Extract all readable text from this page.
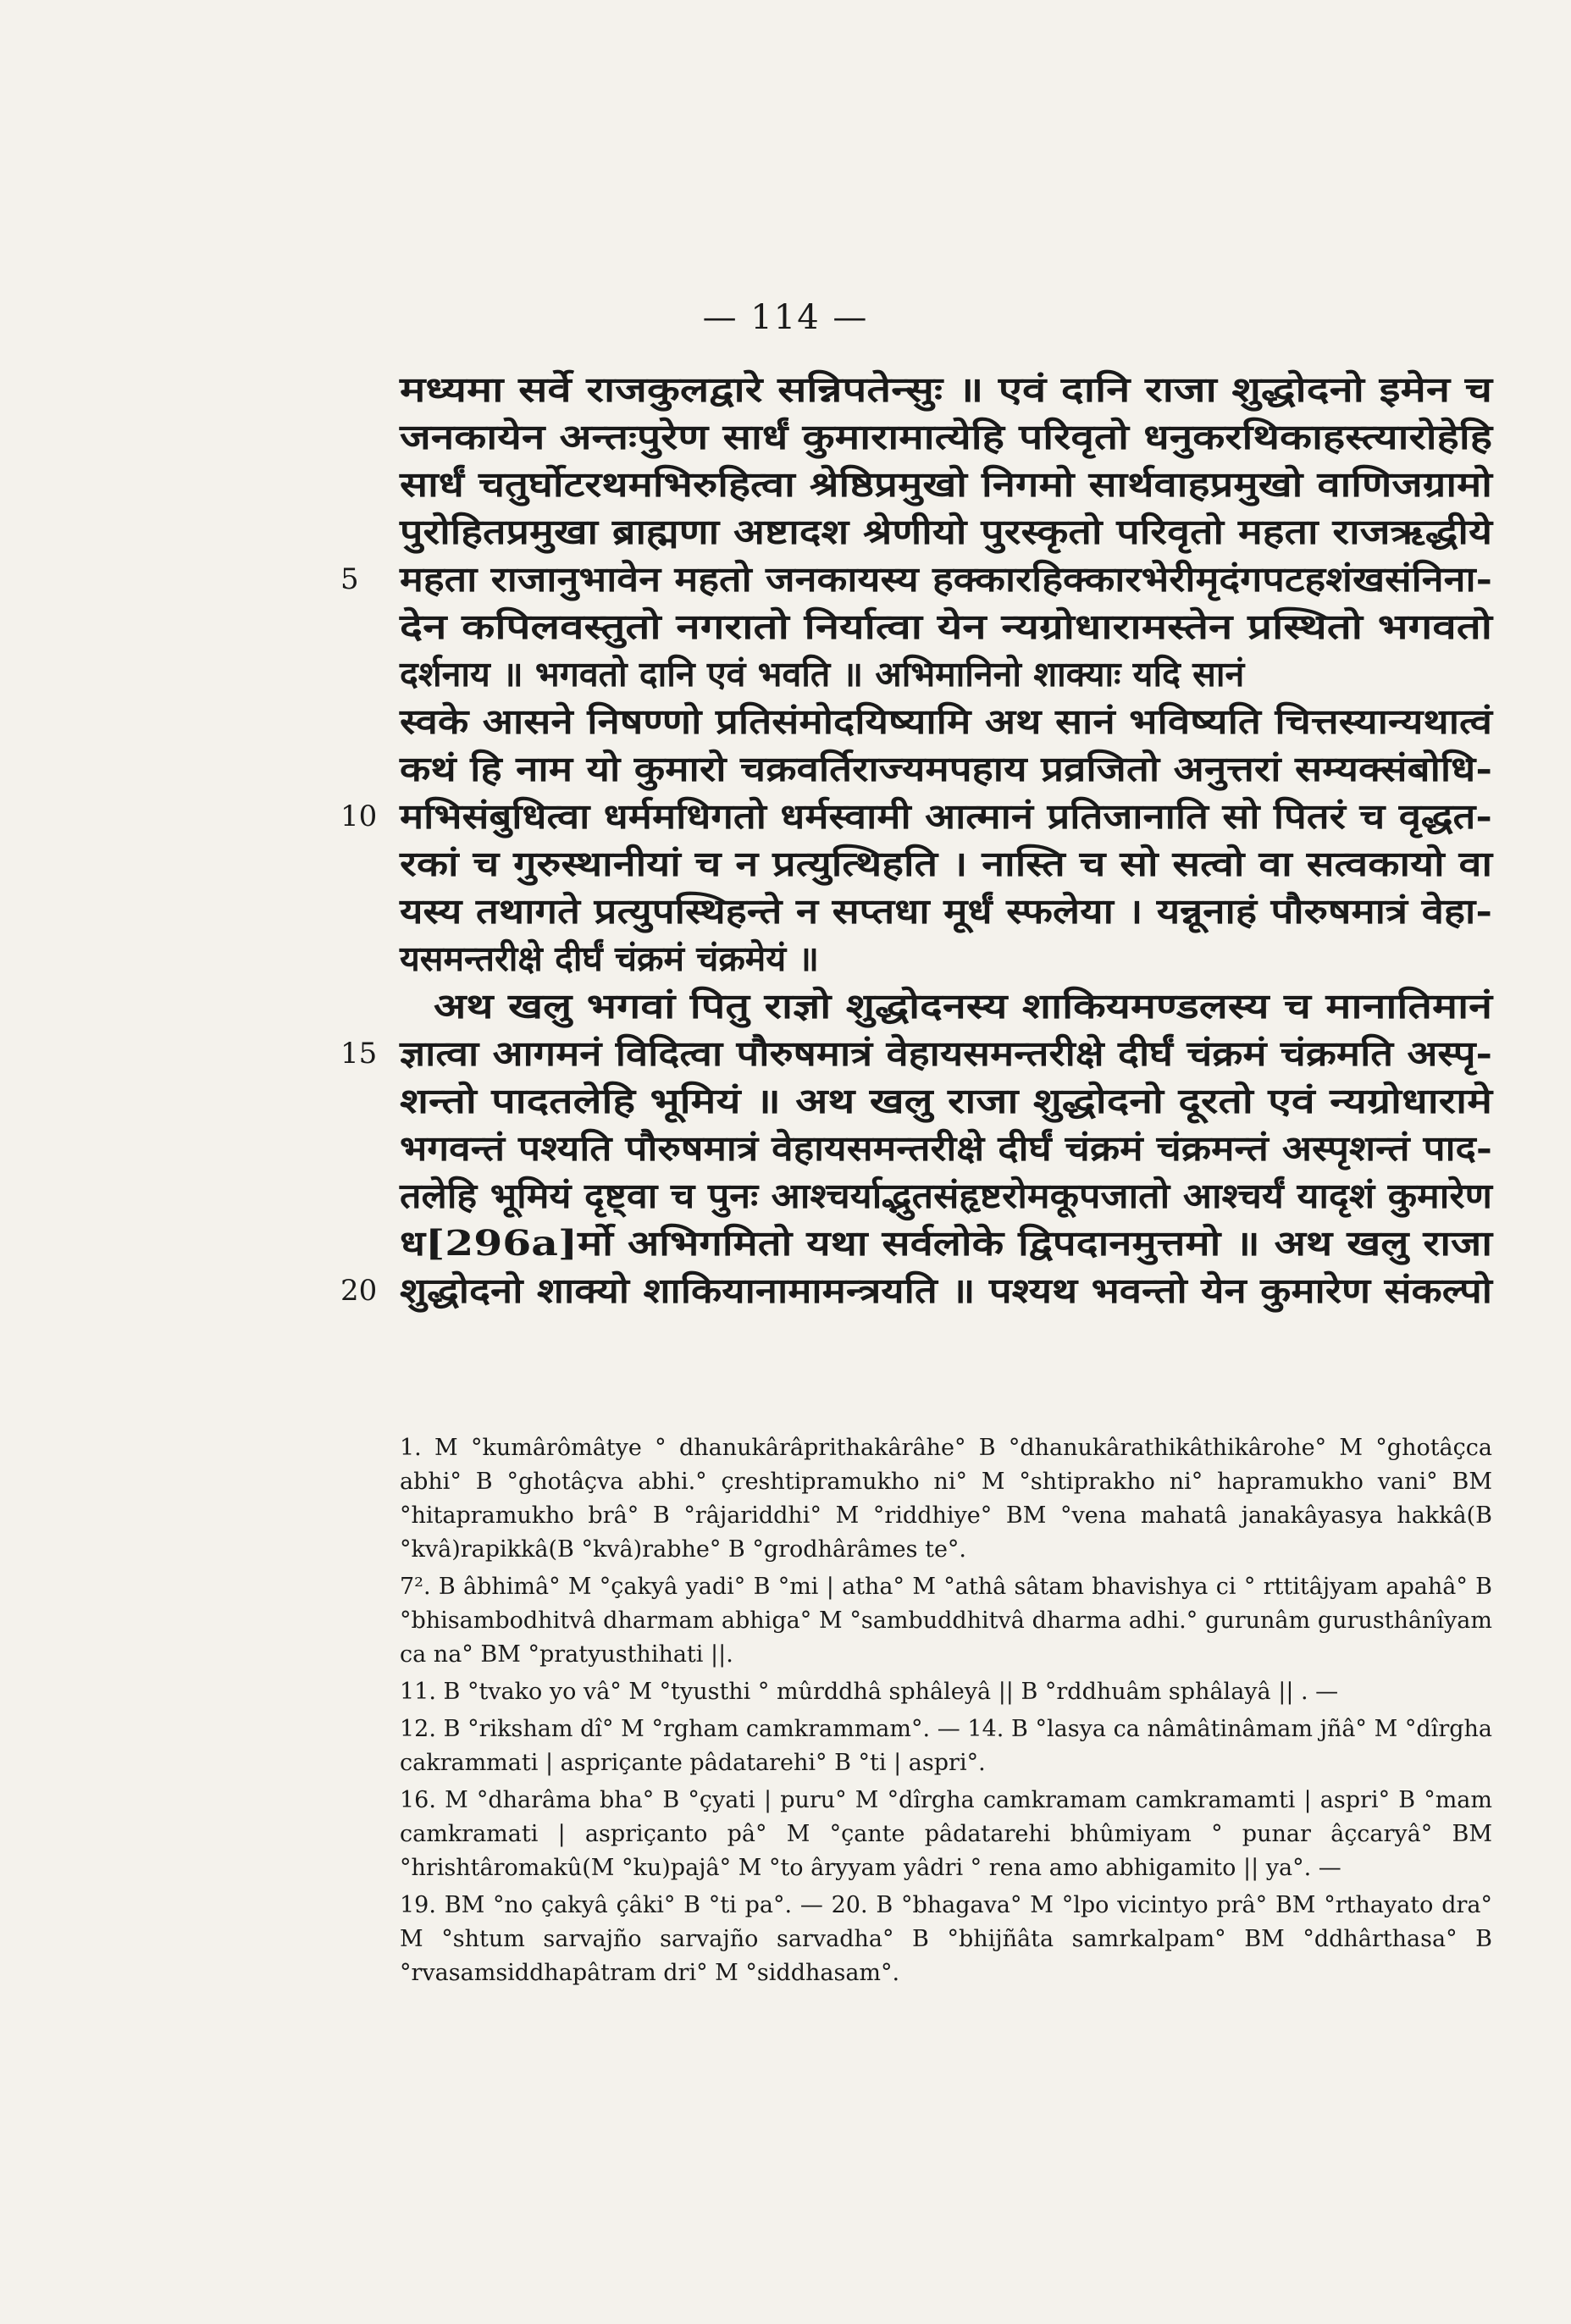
— 114 —
मध्यमा सर्वे राजकुलद्वारे सन्निपतेन्सुः ॥ एवं दानि राजा शुद्धोदनो इमेन च
जनकायेन अन्तःपुरेण सार्धं कुमारामात्येहि परिवृतो धनुकरथिकाहस्त्यारोहेहि
सार्धं चतुर्घोटरथमभिरुहित्वा श्रेष्ठिप्रमुखो निगमो सार्थवाहप्रमुखो वाणिजग्रामो
पुरोहितप्रमुखा ब्राह्मणा अष्टादश श्रेणीयो पुरस्कृतो परिवृतो महता राजऋद्धीये
5 महता राजानुभावेन महतो जनकायस्य हक्कारहिक्कारभेरीमृदंगपटहशंखसंनिना-
देन कपिलवस्तुतो नगरातो निर्यात्वा येन न्यग्रोधारामस्तेन प्रस्थितो भगवतो
दर्शनाय ॥ भगवतो दानि एवं भवति ॥ अभिमानिनो शाक्याः यदि सानं
स्वके आसने निषण्णो प्रतिसंमोदयिष्यामि अथ सानं भविष्यति चित्तस्यान्यथात्वं
कथं हि नाम यो कुमारो चक्रवर्तिराज्यमपहाय प्रव्रजितो अनुत्तरां सम्यक्संबोधि-
10 मभिसंबुधित्वा धर्ममधिगतो धर्मस्वामी आत्मानं प्रतिजानाति सो पितरं च वृद्धत-
रकां च गुरुस्थानीयां च न प्रत्युत्थिहति । नास्ति च सो सत्वो वा सत्वकायो वा
यस्य तथागते प्रत्युपस्थिहन्ते न सप्तधा मूर्धं स्फलेया । यन्नूनाहं पौरुषमात्रं वेहा-
यसमन्तरीक्षे दीर्घं चंक्रमं चंक्रमेयं ॥
अथ खलु भगवां पितु राज्ञो शुद्धोदनस्य शाकियमण्डलस्य च मानातिमानं
15 ज्ञात्वा आगमनं विदित्वा पौरुषमात्रं वेहायसमन्तरीक्षे दीर्घं चंक्रमं चंक्रमति अस्पृ-
शन्तो पादतलेहि भूमियं ॥ अथ खलु राजा शुद्धोदनो दूरतो एवं न्यग्रोधारामे
भगवन्तं पश्यति पौरुषमात्रं वेहायसमन्तरीक्षे दीर्घं चंक्रमं चंक्रमन्तं अस्पृशन्तं पाद-
तलेहि भूमियं दृष्ट्वा च पुनः आश्चर्याद्भुतसंहृष्टरोमकूपजातो आश्चर्यं यादृशं कुमारेण
ध[296a]र्मो अभिगमितो यथा सर्वलोके द्विपदानमुत्तमो ॥ अथ खलु राजा
20 शुद्धोदनो शाक्यो शाकियानामामन्त्रयति ॥ पश्यथ भवन्तो येन कुमारेण संकल्पो

1. M °kumârômâtye ° dhanukârâprithakârâhe° B °dhanukârathikâthikârohe° M °ghotâçca abhi° B °ghotâçva abhi.° çreshtipramukho ni° M °shtiprakho ni° hapramukho vani° BM °hitapramukho brâ° B °râjariddhi° M °riddhiye° BM °vena mahatâ janakâyasya hakkâ(B °kvâ)rapikkâ(B °kvâ)rabhe° B °grodhârâmes te°.

7². B âbhimâ° M °çakyâ yadi° B °mi | atha° M °athâ sâtam bhavishya ci ° rttitâjyam apahâ° B °bhisambodhitvâ dharmam abhiga° M °sambuddhitvâ dharma adhi.° gurunâm gurusthânîyam ca na° BM °pratyusthihati ||.

11. B °tvako yo vâ° M °tyusthi ° mûrddhâ sphâleyâ || B °rddhuâm sphâlayâ || . —

12. B °riksham dî° M °rgham camkrammam°. — 14. B °lasya ca nâmâtinâmam jñâ° M °dîrgha cakrammati | aspriçante pâdatarehi° B °ti | aspri°.

16. M °dharâma bha° B °çyati | puru° M °dîrgha camkramam camkramamti | aspri° B °mam camkramati | aspriçanto pâ° M °çante pâdatarehi bhûmiyam ° punar âçcaryâ° BM °hrishtâromakû(M °ku)pajâ° M °to âryyam yâdri ° rena amo abhigamito || ya°. —

19. BM °no çakyâ çâki° B °ti pa°. — 20. B °bhagava° M °lpo vicintyo prâ° BM °rthayato dra° M °shtum sarvajño sarvajño sarvadha° B °bhijñâta samrkalpam° BM °ddhârthasa° B °rvasamsiddhapâtram dri° M °siddhasam°.
